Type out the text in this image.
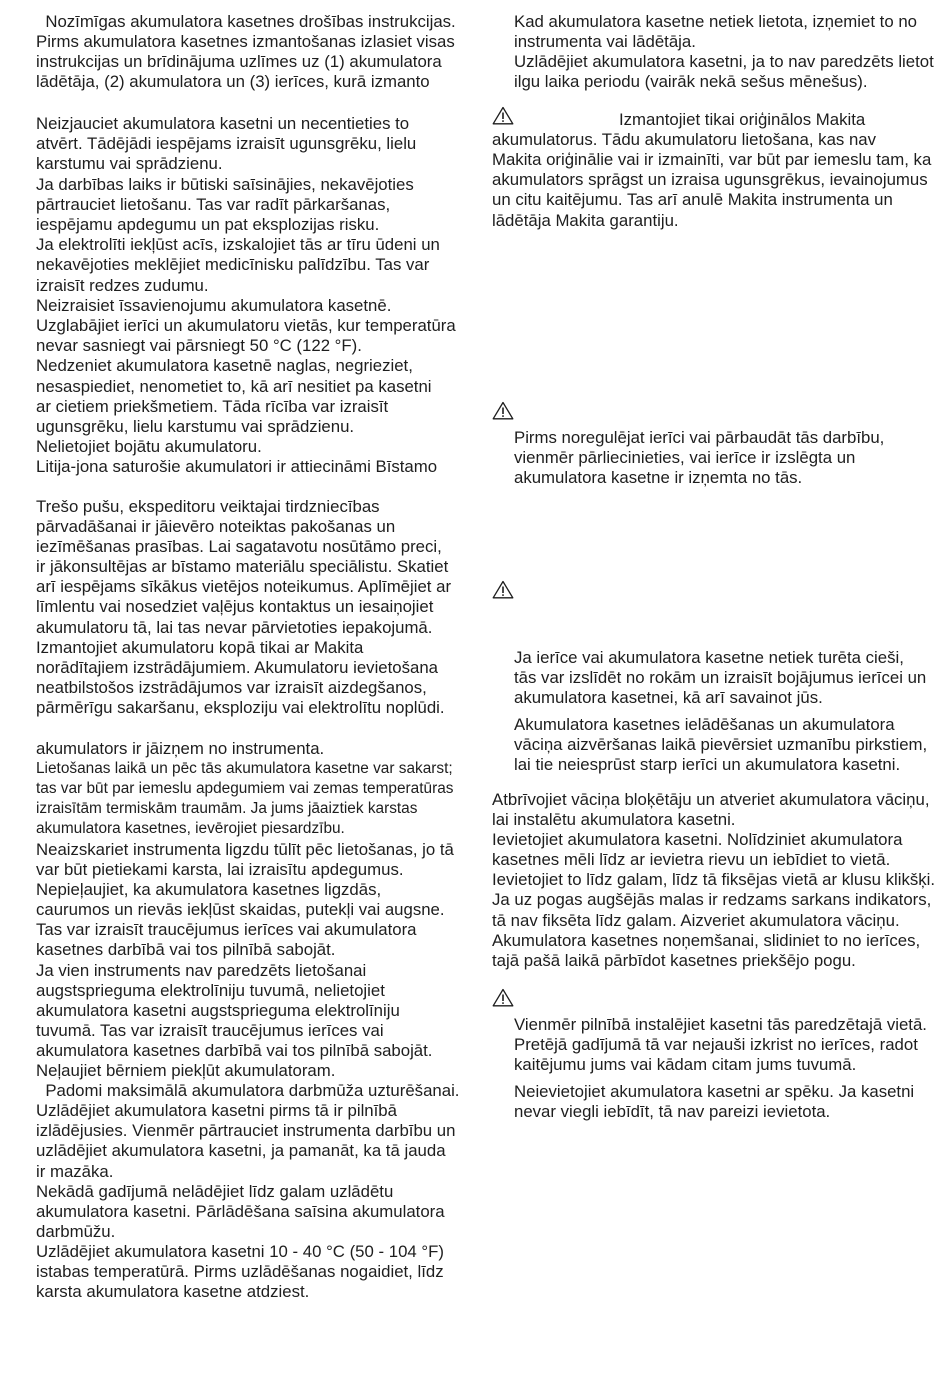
Nozīmīgas akumulatora kasetnes drošības instrukcijas.
Pirms akumulatora kasetnes izmantošanas izlasiet visas
instrukcijas un brīdinājuma uzlīmes uz (1) akumulatora
lādētāja, (2) akumulatora un (3) ierīces, kurā izmanto
Neizjauciet akumulatora kasetni un necentieties to
atvērt. Tādējādi iespējams izraisīt ugunsgrēku, lielu
karstumu vai sprādzienu.
Ja darbības laiks ir būtiski saīsinājies, nekavējoties
pārtrauciet lietošanu. Tas var radīt pārkaršanas,
iespējamu apdegumu un pat eksplozijas risku.
Ja elektrolīti iekļūst acīs, izskalojiet tās ar tīru ūdeni un
nekavējoties meklējiet medicīnisku palīdzību. Tas var
izraisīt redzes zudumu.
Neizraisiet īssavienojumu akumulatora kasetnē.
Uzglabājiet ierīci un akumulatoru vietās, kur temperatūra
nevar sasniegt vai pārsniegt 50 °C (122 °F).
Nedzeniet akumulatora kasetnē naglas, negrieziet,
nesaspiediet, nenometiet to, kā arī nesitiet pa kasetni
ar cietiem priekšmetiem. Tāda rīcība var izraisīt
ugunsgrēku, lielu karstumu vai sprādzienu.
Nelietojiet bojātu akumulatoru.
Litija-jona saturošie akumulatori ir attiecināmi Bīstamo
Trešo pušu, ekspeditoru veiktajai tirdzniecības
pārvadāšanai ir jāievēro noteiktas pakošanas un
iezīmēšanas prasības. Lai sagatavotu nosūtāmo preci,
ir jākonsultējas ar bīstamo materiālu speciālistu. Skatiet
arī iespējams sīkākus vietējos noteikumus. Aplīmējiet ar
līmlentu vai nosedziet vaļējus kontaktus un iesaiņojiet
akumulatoru tā, lai tas nevar pārvietoties iepakojumā.
Izmantojiet akumulatoru kopā tikai ar Makita
norādītajiem izstrādājumiem. Akumulatoru ievietošana
neatbilstošos izstrādājumos var izraisīt aizdegšanos,
pārmērīgu sakaršanu, eksploziju vai elektrolītu noplūdi.
akumulators ir jāizņem no instrumenta.
Lietošanas laikā un pēc tās akumulatora kasetne var sakarst;
tas var būt par iemeslu apdegumiem vai zemas temperatūras
izraisītām termiskām traumām. Ja jums jāaiztiek karstas
akumulatora kasetnes, ievērojiet piesardzību.
Neaizskariet instrumenta ligzdu tūlīt pēc lietošanas, jo tā
var būt pietiekami karsta, lai izraisītu apdegumus.
Nepieļaujiet, ka akumulatora kasetnes ligzdās,
caurumos un rievās iekļūst skaidas, putekļi vai augsne.
Tas var izraisīt traucējumus ierīces vai akumulatora
kasetnes darbībā vai tos pilnībā sabojāt.
Ja vien instruments nav paredzēts lietošanai
augstsprieguma elektrolīniju tuvumā, nelietojiet
akumulatora kasetni augstsprieguma elektrolīniju
tuvumā. Tas var izraisīt traucējumus ierīces vai
akumulatora kasetnes darbībā vai tos pilnībā sabojāt.
Neļaujiet bērniem piekļūt akumulatoram.
Padomi maksimālā akumulatora darbmūža uzturēšanai.
Uzlādējiet akumulatora kasetni pirms tā ir pilnībā
izlādējusies. Vienmēr pārtrauciet instrumenta darbību un
uzlādējiet akumulatora kasetni, ja pamanāt, ka tā jauda
ir mazāka.
Nekādā gadījumā nelādējiet līdz galam uzlādētu
akumulatora kasetni. Pārlādēšana saīsina akumulatora
darbmūžu.
Uzlādējiet akumulatora kasetni 10 - 40 °C (50 - 104 °F)
istabas temperatūrā. Pirms uzlādēšanas nogaidiet, līdz
karsta akumulatora kasetne atdziest.
Kad akumulatora kasetne netiek lietota, izņemiet to no
instrumenta vai lādētāja.
Uzlādējiet akumulatora kasetni, ja to nav paredzēts lietot
ilgu laika periodu (vairāk nekā sešus mēnešus).
Izmantojiet tikai oriģinālos Makita
akumulatorus. Tādu akumulatoru lietošana, kas nav
Makita oriģinālie vai ir izmainīti, var būt par iemeslu tam, ka
akumulators sprāgst un izraisa ugunsgrēkus, ievainojumus
un citu kaitējumu. Tas arī anulē Makita instrumenta un
lādētāja Makita garantiju.
Pirms noregulējat ierīci vai pārbaudāt tās darbību,
vienmēr pārliecinieties, vai ierīce ir izslēgta un
akumulatora kasetne ir izņemta no tās.
Ja ierīce vai akumulatora kasetne netiek turēta cieši,
tās var izslīdēt no rokām un izraisīt bojājumus ierīcei un
akumulatora kasetnei, kā arī savainot jūs.
Akumulatora kasetnes ielādēšanas un akumulatora
vāciņa aizvēršanas laikā pievērsiet uzmanību pirkstiem,
lai tie neiesprūst starp ierīci un akumulatora kasetni.
Atbrīvojiet vāciņa bloķētāju un atveriet akumulatora vāciņu,
lai instalētu akumulatora kasetni.
Ievietojiet akumulatora kasetni. Nolīdziniet akumulatora
kasetnes mēli līdz ar ievietra rievu un iebīdiet to vietā.
Ievietojiet to līdz galam, līdz tā fiksējas vietā ar klusu klikšķi.
Ja uz pogas augšējās malas ir redzams sarkans indikators,
tā nav fiksēta līdz galam. Aizveriet akumulatora vāciņu.
Akumulatora kasetnes noņemšanai, slidiniet to no ierīces,
tajā pašā laikā pārbīdot kasetnes priekšējo pogu.
Vienmēr pilnībā instalējiet kasetni tās paredzētajā vietā.
Pretējā gadījumā tā var nejauši izkrist no ierīces, radot
kaitējumu jums vai kādam citam jums tuvumā.
Neievietojiet akumulatora kasetni ar spēku. Ja kasetni
nevar viegli iebīdīt, tā nav pareizi ievietota.
